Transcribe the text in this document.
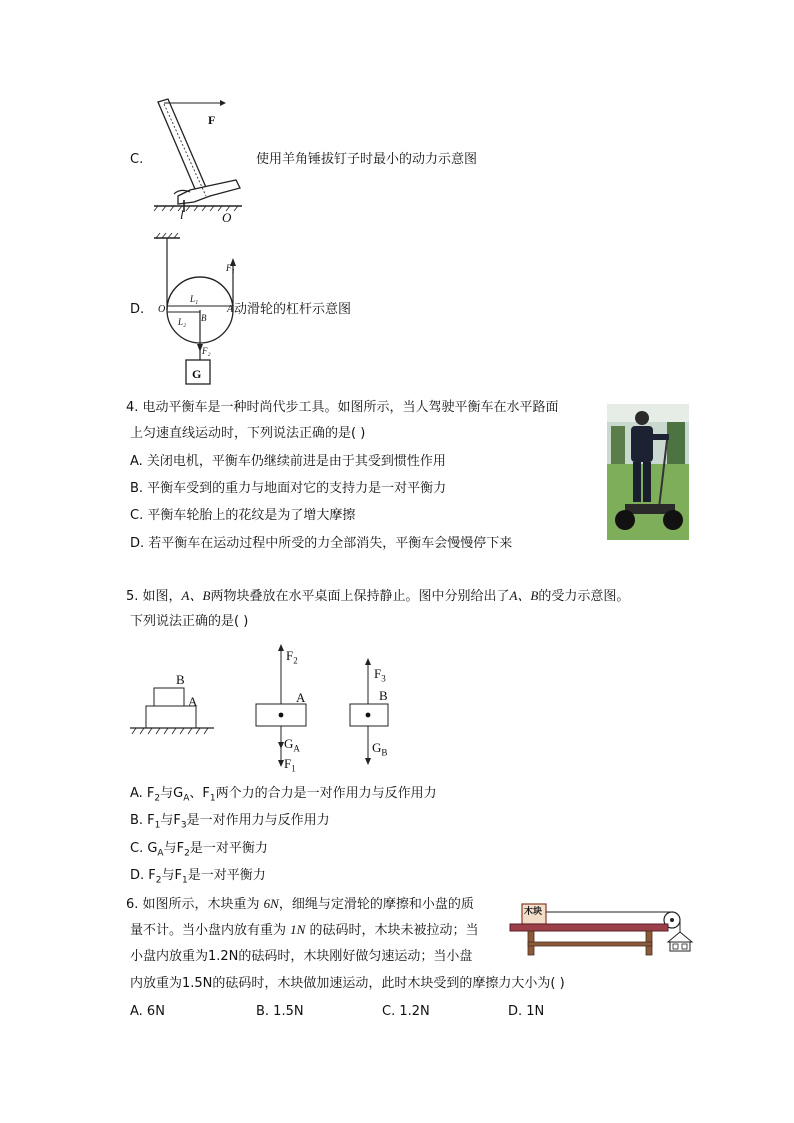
F
l	O
C.	使用羊角锤拔钉子时最小的动力示意图
F₁
L₁
O	A
L₂ B
F₂
G
D.	动滑轮的杠杆示意图
4. 电动平衡车是一种时尚代步工具。如图所示，当人驾驶平衡车在水平路面
上匀速直线运动时，下列说法正确的是( )
A. 关闭电机，平衡车仍继续前进是由于其受到惯性作用
B. 平衡车受到的重力与地面对它的支持力是一对平衡力
C. 平衡车轮胎上的花纹是为了增大摩擦
D. 若平衡车在运动过程中所受的力全部消失，平衡车会慢慢停下来
5. 如图，A、B两物块叠放在水平桌面上保持静止。图中分别给出了A、B的受力示意图。
下列说法正确的是( )
B
A
$F_2$
A
$G_A$
$F_1$
$F_3$
B
$G_B$
A. $F_2$与$G_A$、$F_1$两个力的合力是一对作用力与反作用力
B. $F_1$与$F_3$是一对作用力与反作用力
C. $G_A$与$F_2$是一对平衡力
D. $F_2$与$F_1$是一对平衡力
6. 如图所示，木块重为 6N，细绳与定滑轮的摩擦和小盘的质
量不计。当小盘内放有重为 1N 的砝码时，木块未被拉动；当
小盘内放重为1.2N的砝码时，木块刚好做匀速运动；当小盘
内放重为1.5N的砝码时，木块做加速运动，此时木块受到的摩擦力大小为( )
木块
A. 6N	B. 1.5N	C. 1.2N	D. 1N
